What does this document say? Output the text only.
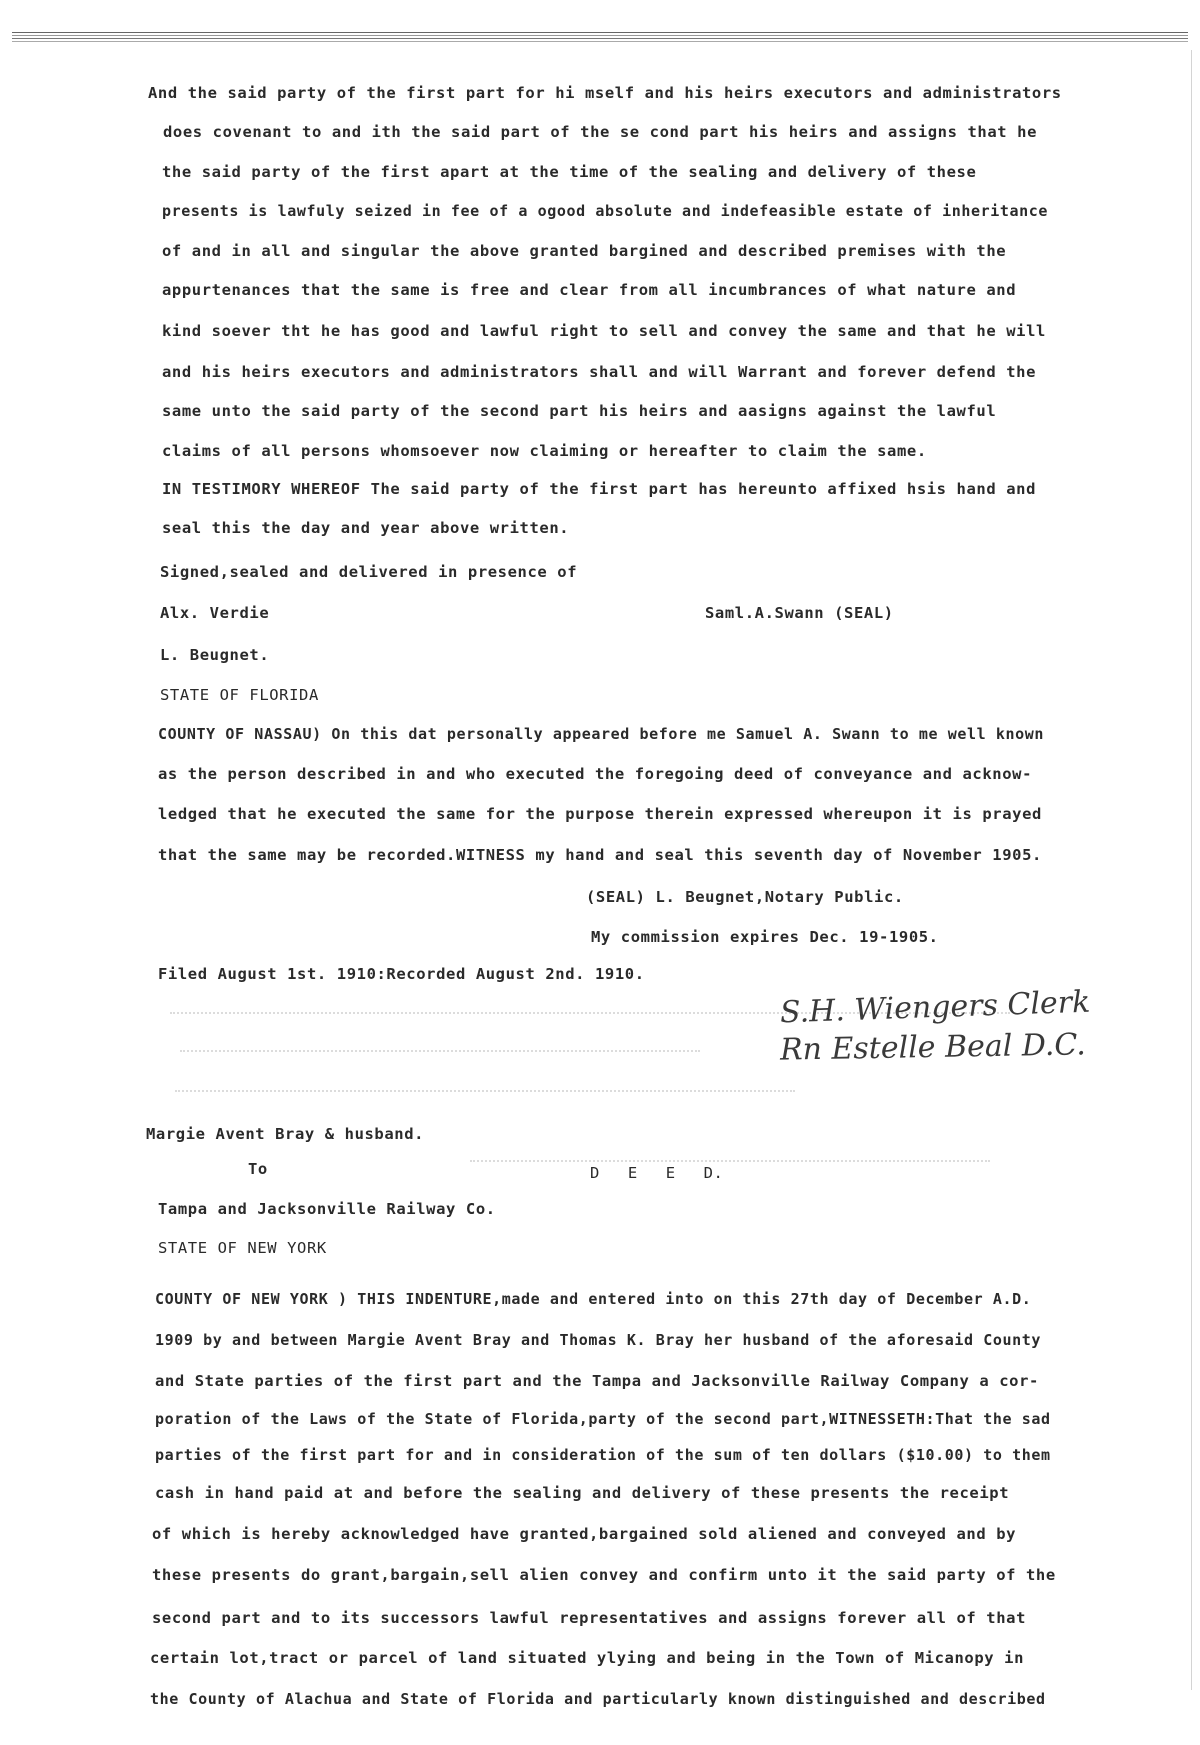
And the said party of the first part for hi mself and his heirs executors and administrators
does covenant to and ith the said part of the se cond part his heirs and assigns that he
the said party of the first apart at the time of the sealing and delivery of these
presents is lawfuly seized in fee of a ogood absolute and indefeasible estate of inheritance
of and in all and singular the above granted bargined and described premises with the
appurtenances that the same is free and clear from all incumbrances of what nature and
kind soever tht he has good and lawful right to sell and convey the same and that he will
and his heirs executors and administrators shall and will Warrant and forever defend the
same unto the said party of the second part his heirs and aasigns against the lawful
claims of all persons whomsoever now claiming or hereafter to claim the same.
IN TESTIMORY WHEREOF The said party of the first part has hereunto affixed hsis hand and
seal this the day and year above written.
Signed,sealed and delivered in presence of
Alx. Verdie	Saml.A.Swann (SEAL)
L. Beugnet.
STATE OF FLORIDA
COUNTY OF NASSAU) On this dat personally appeared before me Samuel A. Swann to me well known
as the person described in and who executed the foregoing deed of conveyance and acknow-
ledged that he executed the same for the purpose therein expressed whereupon it is prayed
that the same may be recorded.WITNESS my hand and seal this seventh day of November 1905.
(SEAL) L. Beugnet,Notary Public.
My commission expires Dec. 19-1905.
Filed August 1st. 1910:Recorded August 2nd. 1910.
S.H. Wiengers Clerk
Rn Estelle Beal D.C.
Margie Avent Bray & husband.
To	D E E D.
Tampa and Jacksonville Railway Co.
STATE OF NEW YORK
COUNTY OF NEW YORK ) THIS INDENTURE,made and entered into on this 27th day of December A.D.
1909 by and between Margie Avent Bray and Thomas K. Bray her husband of the aforesaid County
and State parties of the first part and the Tampa and Jacksonville Railway Company a cor-
poration of the Laws of the State of Florida,party of the second part,WITNESSETH:That the sad
parties of the first part for and in consideration of the sum of ten dollars ($10.00) to them
cash in hand paid at and before the sealing and delivery of these presents the receipt
of which is hereby acknowledged have granted,bargained sold aliened and conveyed and by
these presents do grant,bargain,sell alien convey and confirm unto it the said party of the
second part and to its successors lawful representatives and assigns forever all of that
certain lot,tract or parcel of land situated ylying and being in the Town of Micanopy in
the County of Alachua and State of Florida and particularly known distinguished and described
